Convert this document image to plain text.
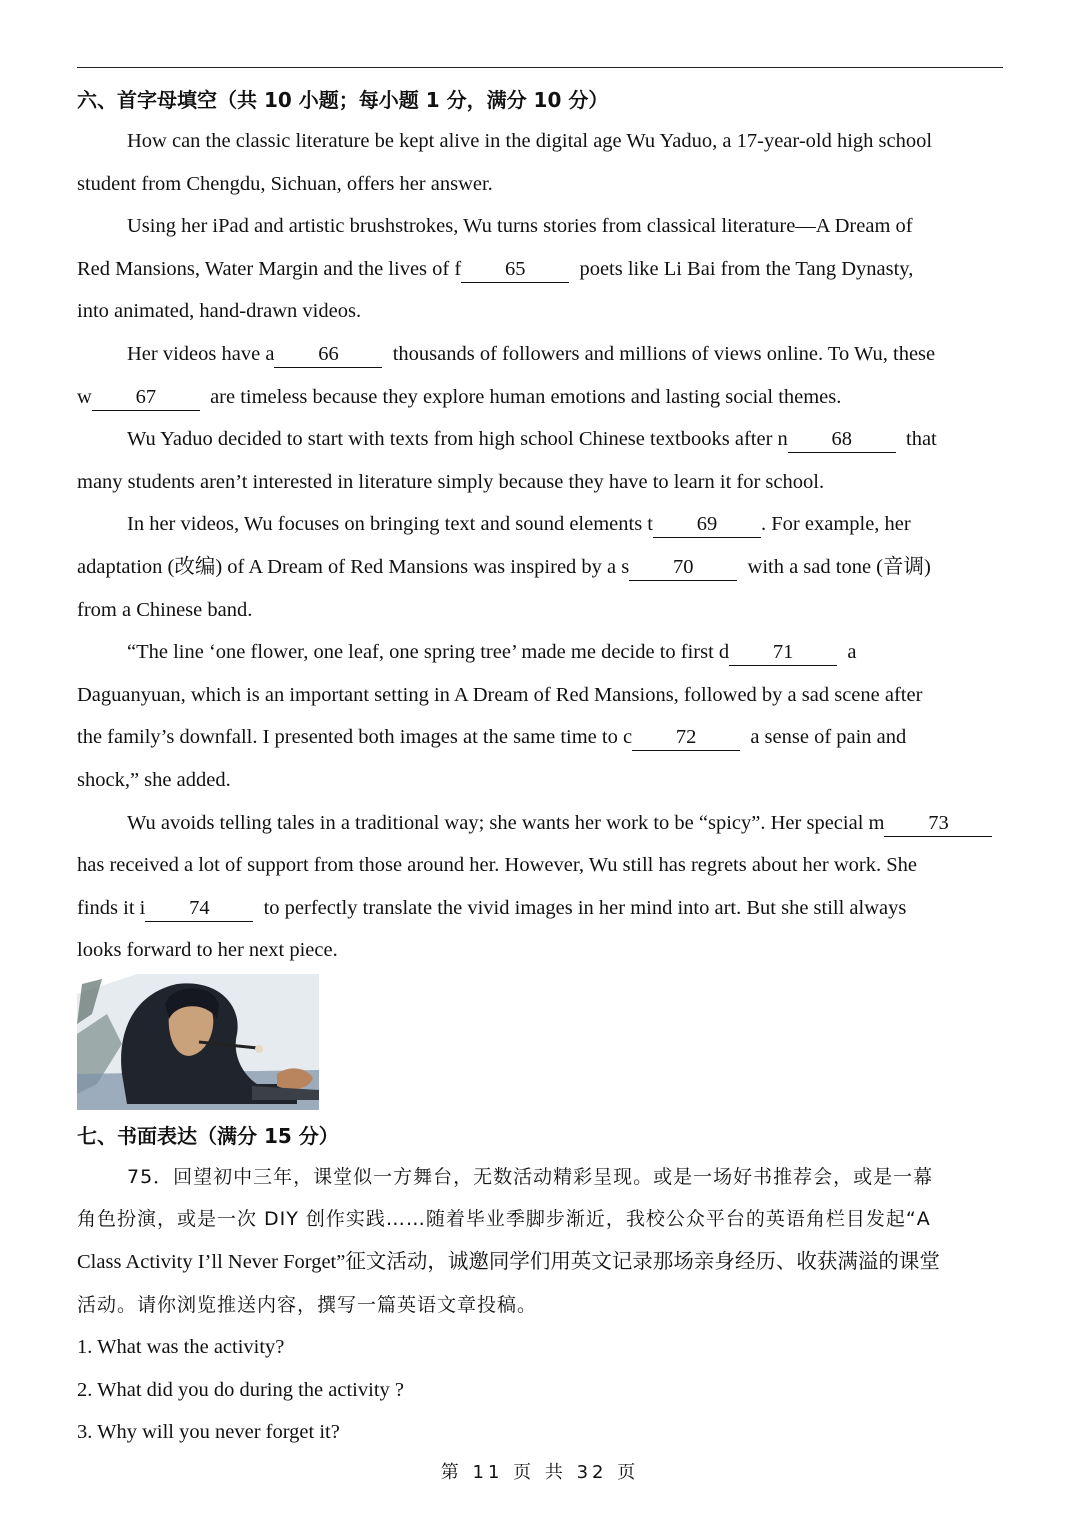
六、首字母填空（共 10 小题；每小题 1 分，满分 10 分）
How can the classic literature be kept alive in the digital age Wu Yaduo, a 17-year-old high school
student from Chengdu, Sichuan, offers her answer.
Using her iPad and artistic brushstrokes, Wu turns stories from classical literature—A Dream of
Red Mansions, Water Margin and the lives of f 65  poets like Li Bai from the Tang Dynasty,
into animated, hand-drawn videos.
Her videos have a 66  thousands of followers and millions of views online. To Wu, these
w 67  are timeless because they explore human emotions and lasting social themes.
Wu Yaduo decided to start with texts from high school Chinese textbooks after n 68  that
many students aren’t interested in literature simply because they have to learn it for school.
In her videos, Wu focuses on bringing text and sound elements t 69 . For example, her
adaptation (改编) of A Dream of Red Mansions was inspired by a s 70  with a sad tone (音调)
from a Chinese band.
“The line ‘one flower, one leaf, one spring tree’ made me decide to first d 71  a
Daguanyuan, which is an important setting in A Dream of Red Mansions, followed by a sad scene after
the family’s downfall. I presented both images at the same time to c 72  a sense of pain and
shock,” she added.
Wu avoids telling tales in a traditional way; she wants her work to be “spicy”. Her special m 73
has received a lot of support from those around her. However, Wu still has regrets about her work. She
finds it i 74  to perfectly translate the vivid images in her mind into art. But she still always
looks forward to her next piece.
七、书面表达（满分 15 分）
75．回望初中三年，课堂似一方舞台，无数活动精彩呈现。或是一场好书推荐会，或是一幕
角色扮演，或是一次 DIY 创作实践……随着毕业季脚步渐近，我校公众平台的英语角栏目发起“A
Class Activity I’ll Never Forget”征文活动，诚邀同学们用英文记录那场亲身经历、收获满溢的课堂
活动。请你浏览推送内容，撰写一篇英语文章投稿。
1. What was the activity?
2. What did you do during the activity ?
3. Why will you never forget it?
第 11 页 共 32 页
